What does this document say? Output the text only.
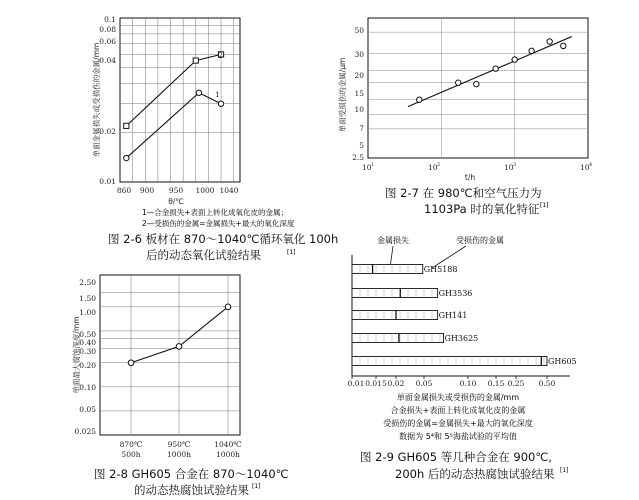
0.1
0.08
0.06
0.04
0.02
0.01
860 900 950 1000 1040
θ/℃
单面金属损失或受损伤的金属/mm	2
1
1—合金损失+表面上转化成氧化皮的金属；
2—受损伤的金属=金属损失+最大的氧化深度
图 2-6 板材在 870～1040℃循环氧化 100h
后的动态氧化试验结果	[1]
50
30
20
15
10
7
5
2.5
10 1	10 2	10 3	10 4
t/h
单面受损伤的金属/μm
图 2-7 在 980℃和空气压力为
1103Pa 时的氧化特征 [1]
2.50
1.50
1.00
0.50
0.40
0.30
0.20
0.10
0.05
0.025
870℃
500h
950℃
1000h
1040℃
1000h
单面最大腐蚀深度/mm
图 2-8 GH605 合金在 870～1040℃
的动态热腐蚀试验结果 [1]
金属损失	受损伤的金属
GH5188
GH3536
GH141
GH3625
GH605
0.01 0.015 0.02 0.05	0.10 0.15 0.25 0.50
单面金属损失或受损伤的金属/mm
合金损失+表面上转化成氧化皮的金属
受损伤的金属=金属损失+最大的氧化深度
数据为 5⁴和 5⁵海盐试验的平均值
图 2-9 GH605 等几种合金在 900℃,
200h 后的动态热腐蚀试验结果 [1]
